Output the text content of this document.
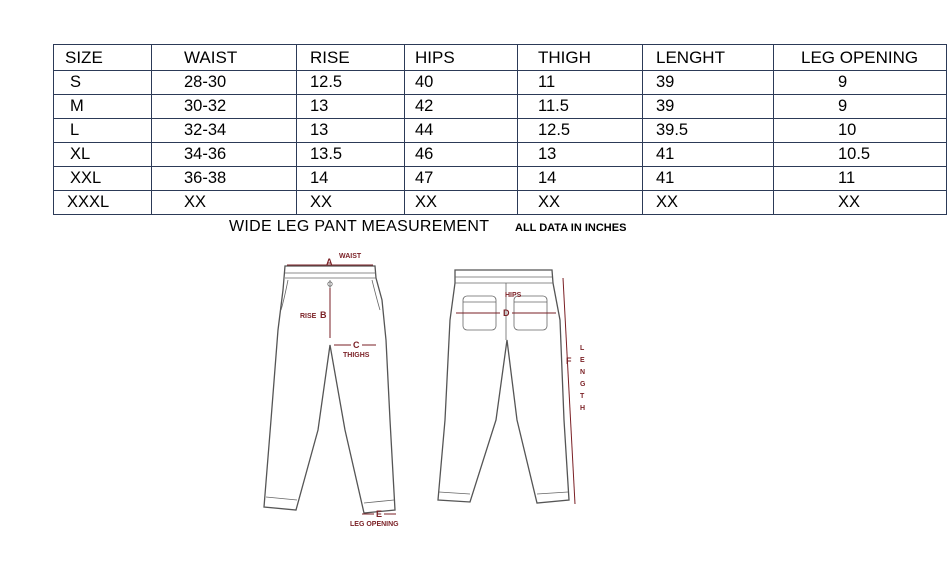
SIZE	WAIST	RISE	HIPS	THIGH	LENGHT	LEG OPENING
S	28-30	12.5	40	11	39	9
M	30-32	13	42	11.5	39	9
L	32-34	13	44	12.5	39.5	10
XL	34-36	13.5	46	13	41	10.5
XXL	36-38	14	47	14	41	11
XXXL	XX	XX	XX	XX	XX	XX
WIDE LEG PANT MEASUREMENT ALL DATA IN INCHES
A
WAIST
RISE B
C
THIGHS
E
LEG OPENING
D
HIPS
F
L
E
N
G
T
H
